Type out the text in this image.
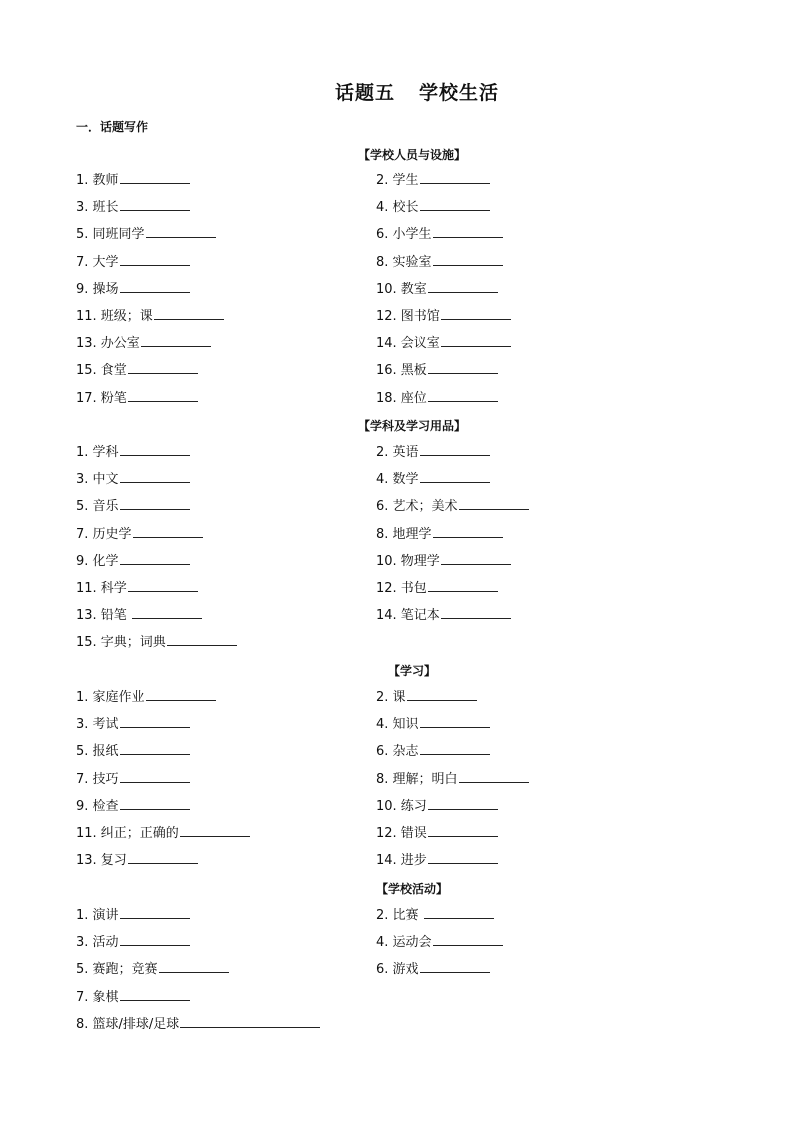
话题五 学校生活
一．话题写作
【学校人员与设施】
1. 教师	2. 学生
3. 班长	4. 校长
5. 同班同学	6. 小学生
7. 大学	8. 实验室
9. 操场	10. 教室
11. 班级；课	12. 图书馆
13. 办公室	14. 会议室
15. 食堂	16. 黑板
17. 粉笔	18. 座位
【学科及学习用品】
1. 学科	2. 英语
3. 中文	4. 数学
5. 音乐	6. 艺术；美术
7. 历史学	8. 地理学
9. 化学	10. 物理学
11. 科学	12. 书包
13. 铅笔	14. 笔记本
15. 字典；词典
【学习】
1. 家庭作业	2. 课
3. 考试	4. 知识
5. 报纸	6. 杂志
7. 技巧	8. 理解；明白
9. 检查	10. 练习
11. 纠正；正确的	12. 错误
13. 复习	14. 进步
【学校活动】
1. 演讲	2. 比赛
3. 活动	4. 运动会
5. 赛跑；竞赛	6. 游戏
7. 象棋
8. 篮球/排球/足球
